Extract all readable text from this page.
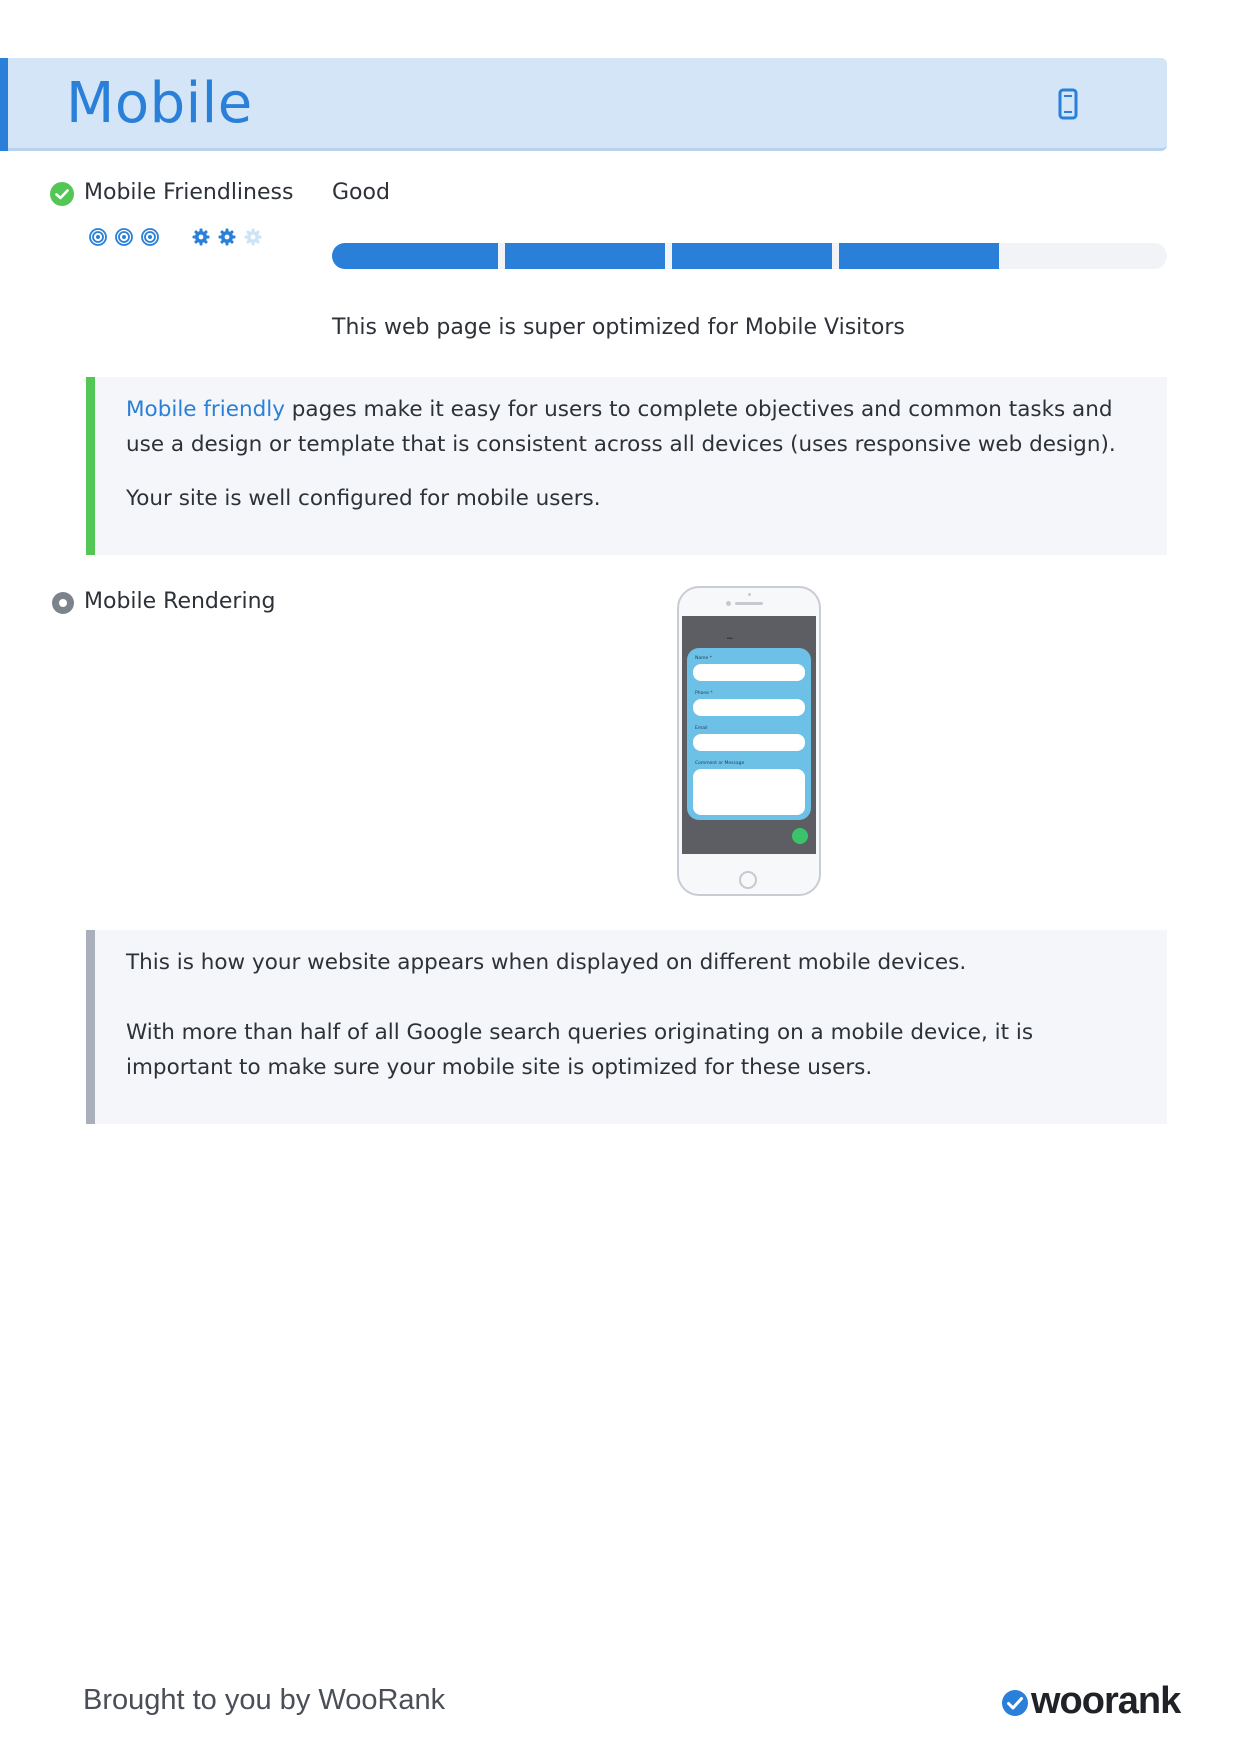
Mobile
Mobile Friendliness Good
This web page is super optimized for Mobile Visitors

Mobile friendly pages make it easy for users to complete objectives and common tasks and use a design or template that is consistent across all devices (uses responsive web design).

Your site is well configured for mobile users.

Mobile Rendering
~
Name *
Phone *
Email
Comment or Message

This is how your website appears when displayed on different mobile devices.

With more than half of all Google search queries originating on a mobile device, it is important to make sure your mobile site is optimized for these users.

Brought to you by WooRank	woorank
